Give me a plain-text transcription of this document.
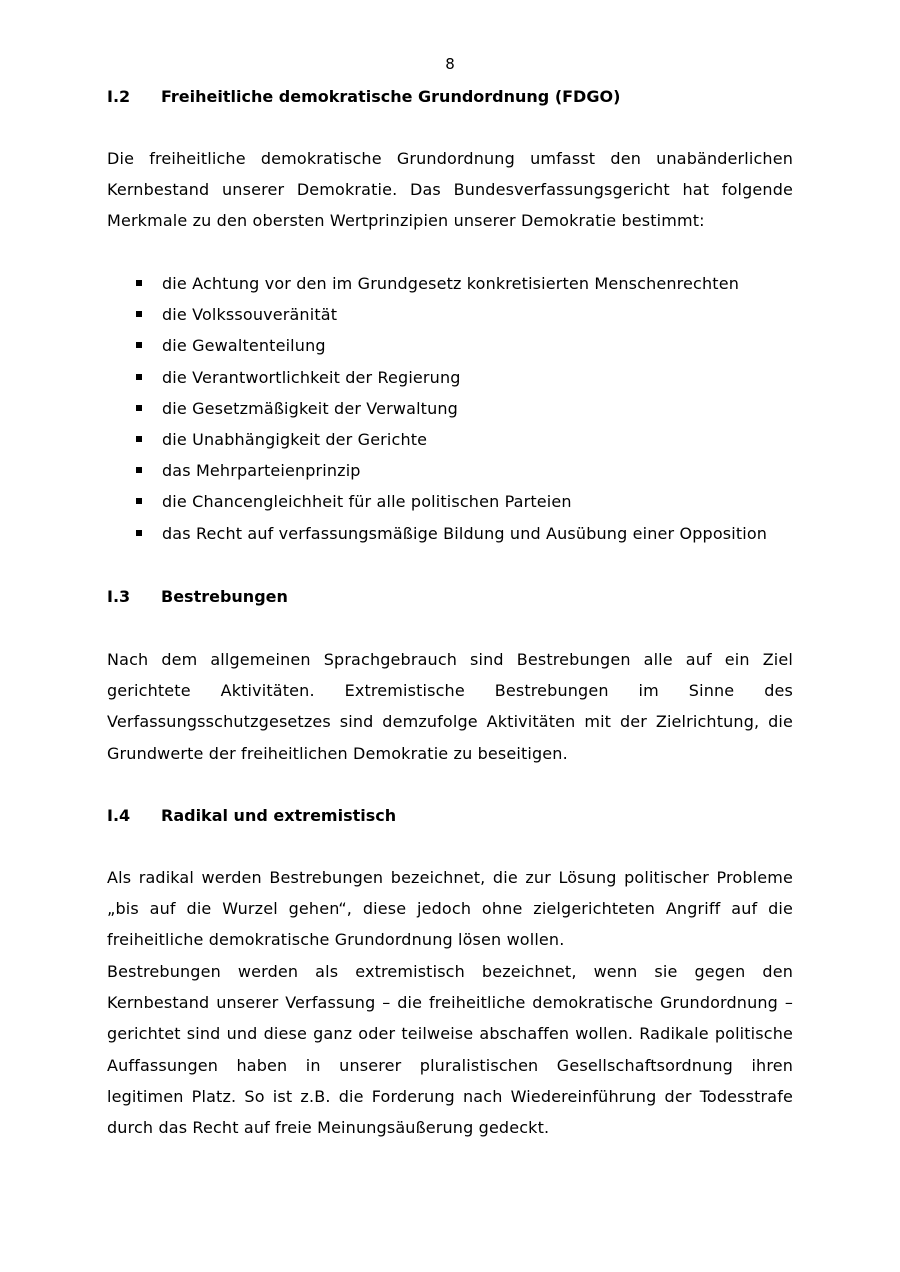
8
I.2 Freiheitliche demokratische Grundordnung (FDGO)
Die freiheitliche demokratische Grundordnung umfasst den unabänderlichen Kernbestand unserer Demokratie. Das Bundesverfassungsgericht hat folgende Merkmale zu den obersten Wertprinzipien unserer Demokratie bestimmt:
die Achtung vor den im Grundgesetz konkretisierten Menschenrechten
die Volkssouveränität
die Gewaltenteilung
die Verantwortlichkeit der Regierung
die Gesetzmäßigkeit der Verwaltung
die Unabhängigkeit der Gerichte
das Mehrparteienprinzip
die Chancengleichheit für alle politischen Parteien
das Recht auf verfassungsmäßige Bildung und Ausübung einer Opposition
I.3 Bestrebungen
Nach dem allgemeinen Sprachgebrauch sind Bestrebungen alle auf ein Ziel gerichtete Aktivitäten. Extremistische Bestrebungen im Sinne des Verfassungsschutzgesetzes sind demzufolge Aktivitäten mit der Zielrichtung, die Grundwerte der freiheitlichen Demokratie zu beseitigen.
I.4 Radikal und extremistisch
Als radikal werden Bestrebungen bezeichnet, die zur Lösung politischer Probleme „bis auf die Wurzel gehen“, diese jedoch ohne zielgerichteten Angriff auf die freiheitliche demokratische Grundordnung lösen wollen.
Bestrebungen werden als extremistisch bezeichnet, wenn sie gegen den Kernbestand unserer Verfassung – die freiheitliche demokratische Grundordnung – gerichtet sind und diese ganz oder teilweise abschaffen wollen. Radikale politische Auffassungen haben in unserer pluralistischen Gesellschaftsordnung ihren legitimen Platz. So ist z.B. die Forderung nach Wiedereinführung der Todesstrafe durch das Recht auf freie Meinungsäußerung gedeckt.
